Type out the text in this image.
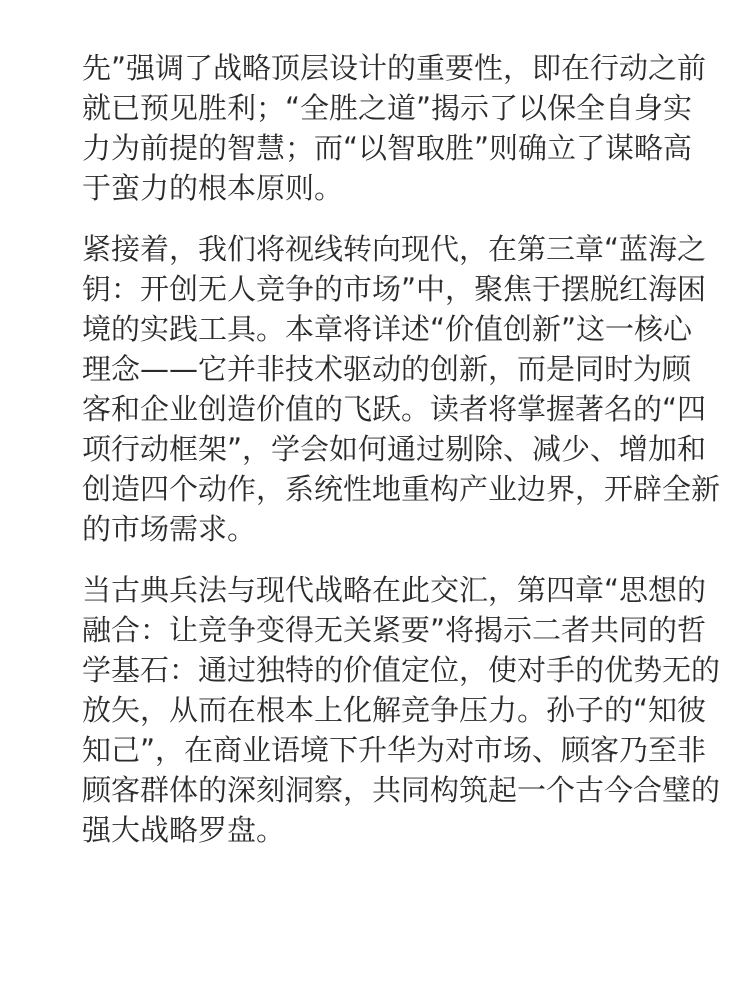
先”强调了战略顶层设计的重要性，即在行动之前
就已预见胜利；“全胜之道”揭示了以保全自身实
力为前提的智慧；而“以智取胜”则确立了谋略高
于蛮力的根本原则。

紧接着，我们将视线转向现代，在第三章“蓝海之
钥：开创无人竞争的市场”中，聚焦于摆脱红海困
境的实践工具。本章将详述“价值创新”这一核心
理念——它并非技术驱动的创新，而是同时为顾
客和企业创造价值的飞跃。读者将掌握著名的“四
项行动框架”，学会如何通过剔除、减少、增加和
创造四个动作，系统性地重构产业边界，开辟全新
的市场需求。

当古典兵法与现代战略在此交汇，第四章“思想的
融合：让竞争变得无关紧要”将揭示二者共同的哲
学基石：通过独特的价值定位，使对手的优势无的
放矢，从而在根本上化解竞争压力。孙子的“知彼
知己”，在商业语境下升华为对市场、顾客乃至非
顾客群体的深刻洞察，共同构筑起一个古今合璧的
强大战略罗盘。
